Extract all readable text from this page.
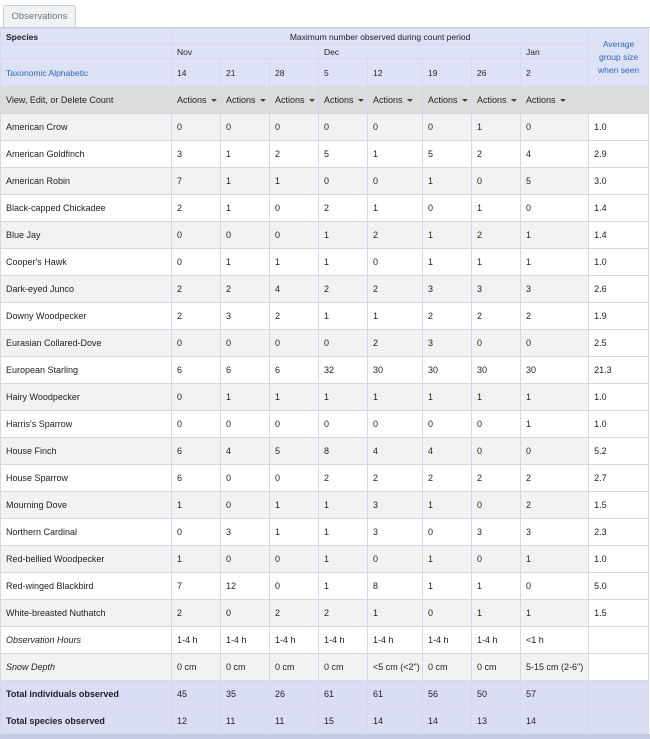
Observations
Species	Maximum number observed during count period								Average group size when seen
	Nov			Dec				Jan	
Taxonomic Alphabetic	14	21	28	5	12	19	26	2	
View, Edit, or Delete Count	Actions	Actions	Actions	Actions	Actions	Actions	Actions	Actions	
American Crow	0	0	0	0	0	0	1	0	1.0
American Goldfinch	3	1	2	5	1	5	2	4	2.9
American Robin	7	1	1	0	0	1	0	5	3.0
Black-capped Chickadee	2	1	0	2	1	0	1	0	1.4
Blue Jay	0	0	0	1	2	1	2	1	1.4
Cooper's Hawk	0	1	1	1	0	1	1	1	1.0
Dark-eyed Junco	2	2	4	2	2	3	3	3	2.6
Downy Woodpecker	2	3	2	1	1	2	2	2	1.9
Eurasian Collared-Dove	0	0	0	0	2	3	0	0	2.5
European Starling	6	6	6	32	30	30	30	30	21.3
Hairy Woodpecker	0	1	1	1	1	1	1	1	1.0
Harris's Sparrow	0	0	0	0	0	0	0	1	1.0
House Finch	6	4	5	8	4	4	0	0	5.2
House Sparrow	6	0	0	2	2	2	2	2	2.7
Mourning Dove	1	0	1	1	3	1	0	2	1.5
Northern Cardinal	0	3	1	1	3	0	3	3	2.3
Red-bellied Woodpecker	1	0	0	1	0	1	0	1	1.0
Red-winged Blackbird	7	12	0	1	8	1	1	0	5.0
White-breasted Nuthatch	2	0	2	2	1	0	1	1	1.5
Observation Hours	1-4 h	1-4 h	1-4 h	1-4 h	1-4 h	1-4 h	1-4 h	<1 h	
Snow Depth	0 cm	0 cm	0 cm	0 cm	<5 cm (<2")	0 cm	0 cm	5-15 cm (2-6")	
Total individuals observed	45	35	26	61	61	56	50	57	
Total species observed	12	11	11	15	14	14	13	14	
